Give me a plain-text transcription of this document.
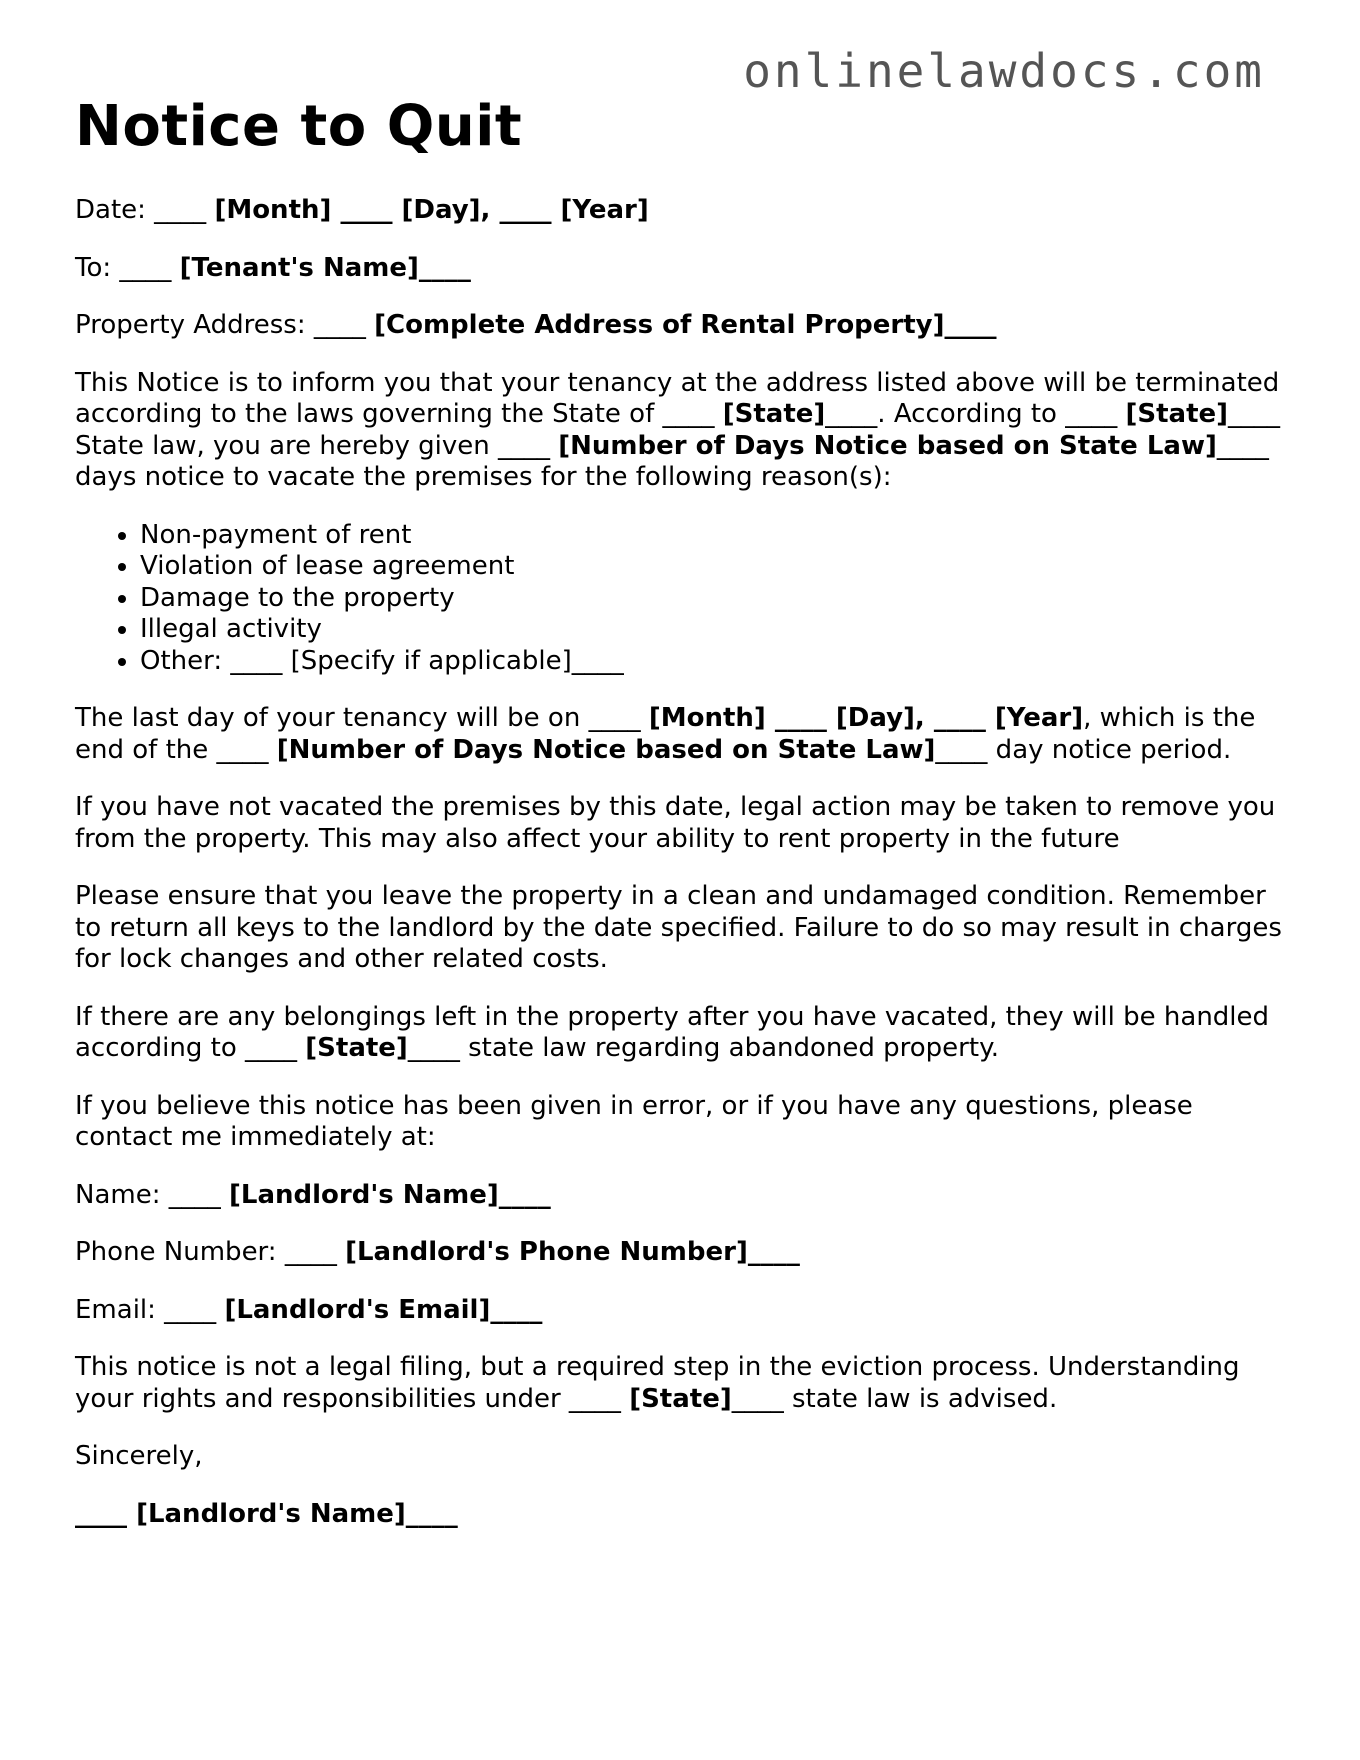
onlinelawdocs.com
Notice to Quit

Date: ____ [Month] ____ [Day], ____ [Year]

To: ____ [Tenant's Name]____

Property Address: ____ [Complete Address of Rental Property]____

This Notice is to inform you that your tenancy at the address listed above will be terminated according to the laws governing the State of ____ [State]____. According to ____ [State]____ State law, you are hereby given ____ [Number of Days Notice based on State Law]____ days notice to vacate the premises for the following reason(s):

• Non-payment of rent
• Violation of lease agreement
• Damage to the property
• Illegal activity
• Other: ____ [Specify if applicable]____

The last day of your tenancy will be on ____ [Month] ____ [Day], ____ [Year], which is the end of the ____ [Number of Days Notice based on State Law]____ day notice period.

If you have not vacated the premises by this date, legal action may be taken to remove you from the property. This may also affect your ability to rent property in the future

Please ensure that you leave the property in a clean and undamaged condition. Remember to return all keys to the landlord by the date specified. Failure to do so may result in charges for lock changes and other related costs.

If there are any belongings left in the property after you have vacated, they will be handled according to ____ [State]____ state law regarding abandoned property.

If you believe this notice has been given in error, or if you have any questions, please contact me immediately at:

Name: ____ [Landlord's Name]____

Phone Number: ____ [Landlord's Phone Number]____

Email: ____ [Landlord's Email]____

This notice is not a legal filing, but a required step in the eviction process. Understanding your rights and responsibilities under ____ [State]____ state law is advised.

Sincerely,

____ [Landlord's Name]____
